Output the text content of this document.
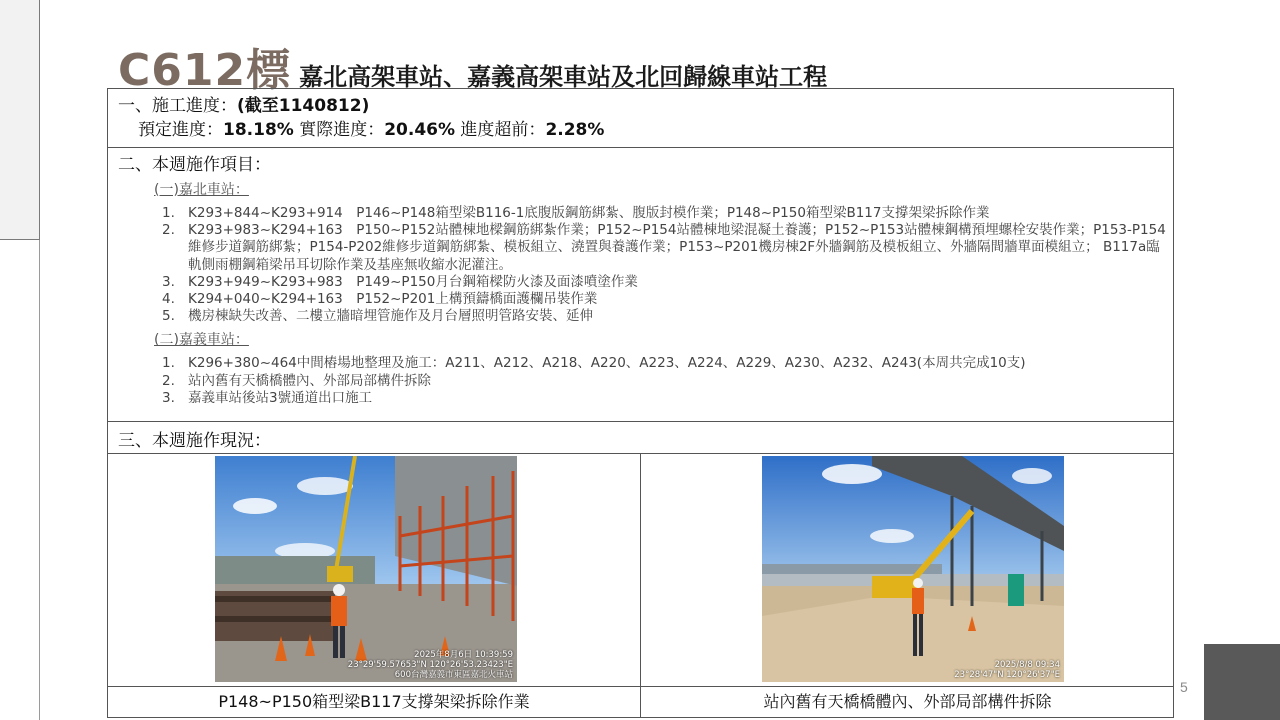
C612標 嘉北高架車站、嘉義高架車站及北回歸線車站工程
一、施工進度：(截至1140812)
預定進度：18.18% 實際進度：20.46% 進度超前：2.28%
二、本週施作項目：
(一)嘉北車站：
1. K293+844~K293+914　P146~P148箱型梁B116-1底腹版鋼筋綁紮、腹版封模作業；P148~P150箱型梁B117支撐架梁拆除作業
2. K293+983~K294+163　P150~P152站體棟地樑鋼筋綁紮作業；P152~P154站體棟地梁混凝土養護；P152~P153站體棟鋼構預埋螺栓安裝作業；P153-P154維修步道鋼筋綁紮；P154-P202維修步道鋼筋綁紮、模板組立、澆置與養護作業；P153~P201機房棟2F外牆鋼筋及模板組立、外牆隔間牆單面模組立； B117a臨軌側雨棚鋼箱梁吊耳切除作業及基座無收縮水泥灌注。
3. K293+949~K293+983　P149~P150月台鋼箱樑防火漆及面漆噴塗作業
4. K294+040~K294+163　P152~P201上構預鑄橋面護欄吊裝作業
5. 機房棟缺失改善、二樓立牆暗埋管施作及月台層照明管路安裝、延伸
(二)嘉義車站：
1. K296+380~464中間樁場地整理及施工：A211、A212、A218、A220、A223、A224、A229、A230、A232、A243(本周共完成10支)
2. 站內舊有天橋橋體內、外部局部構件拆除
3. 嘉義車站後站3號通道出口施工
三、本週施作現況：
2025年8月6日 10:39:59
23°29'59.57653"N 120°26'53.23423"E
600台灣嘉義市東區嘉北火車站
2025/8/8 09:34
23°28'47"N 120°26'37"E
P148~P150箱型梁B117支撐架梁拆除作業	站內舊有天橋橋體內、外部局部構件拆除
5
